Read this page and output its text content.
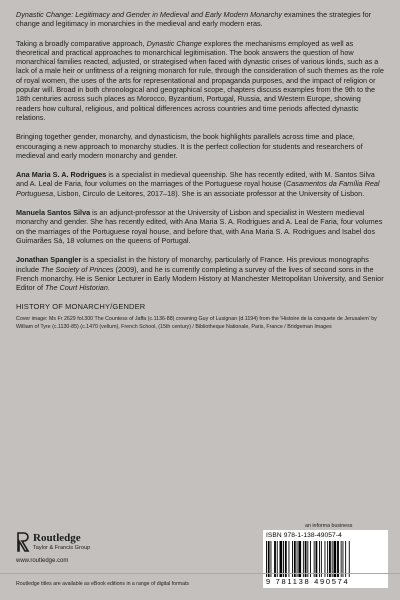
Dynastic Change: Legitimacy and Gender in Medieval and Early Modern Monarchy examines the strategies for change and legitimacy in monarchies in the medieval and early modern eras.

Taking a broadly comparative approach, Dynastic Change explores the mechanisms employed as well as theoretical and practical approaches to monarchical legitimisation. The book answers the question of how monarchical families reacted, adjusted, or strategised when faced with dynastic crises of various kinds, such as a lack of a male heir or unfitness of a reigning monarch for rule, through the consideration of such themes as the role of royal women, the uses of the arts for representational and propaganda purposes, and the impact of religion or popular will. Broad in both chronological and geographical scope, chapters discuss examples from the 9th to the 18th centuries across such places as Morocco, Byzantium, Portugal, Russia, and Western Europe, showing readers how cultural, religious, and political differences across countries and time periods affected dynastic relations.

Bringing together gender, monarchy, and dynasticism, the book highlights parallels across time and place, encouraging a new approach to monarchy studies. It is the perfect collection for students and researchers of medieval and early modern monarchy and gender.

Ana Maria S. A. Rodrigues is a specialist in medieval queenship. She has recently edited, with M. Santos Silva and A. Leal de Faria, four volumes on the marriages of the Portuguese royal house (Casamentos da Família Real Portuguesa, Lisbon, Circulo de Leitores, 2017–18). She is an associate professor at the University of Lisbon.

Manuela Santos Silva is an adjunct-professor at the University of Lisbon and specialist in Western medieval monarchy and gender. She has recently edited, with Ana Maria S. A. Rodrigues and A. Leal de Faria, four volumes on the marriages of the Portuguese royal house, and before that, with Ana Maria S. A. Rodrigues and Isabel dos Guimarães Sá, 18 volumes on the queens of Portugal.

Jonathan Spangler is a specialist in the history of monarchy, particularly of France. His previous monographs include The Society of Princes (2009), and he is currently completing a survey of the lives of second sons in the French monarchy. He is Senior Lecturer in Early Modern History at Manchester Metropolitan University, and Senior Editor of The Court Historian.

HISTORY OF MONARCHY/GENDER

Cover image: Ms Fr 2629 fol.300 The Countess of Jaffa (c.1136-88) crowning Guy of Lusignan (d.1194) from the 'Histoire de la conquete de Jerusalem' by William of Tyre (c.1130-85) (c.1470 (vellum), French School, (15th century) / Bibliotheque Nationale, Paris, France / Bridgeman Images

Routledge
Taylor & Francis Group
www.routledge.com
an informa business
ISBN 978-1-138-49057-4
9 781138 490574
Routledge titles are available as eBook editions in a range of digital formats
